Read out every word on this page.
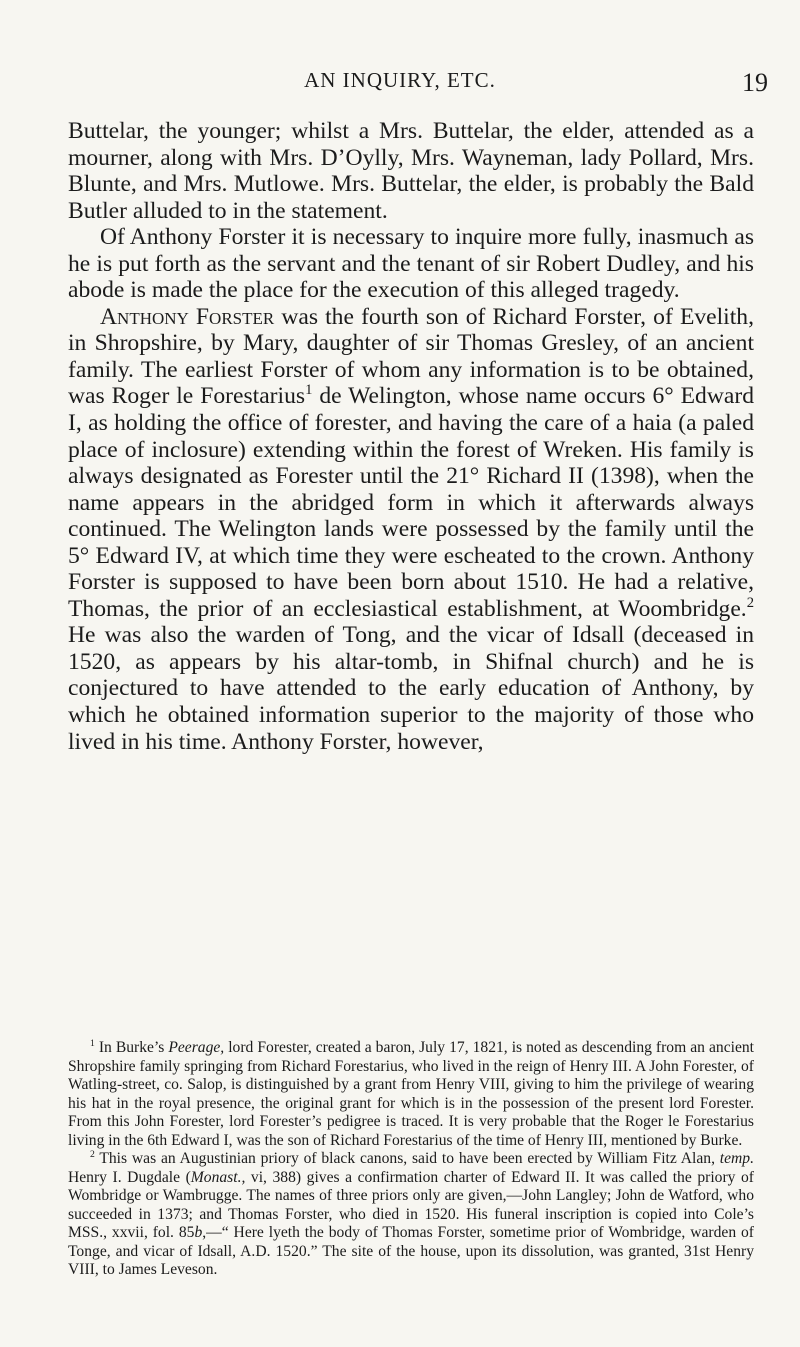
AN INQUIRY, ETC.	19

Buttelar, the younger; whilst a Mrs. Buttelar, the elder, attended as a mourner, along with Mrs. D’Oylly, Mrs. Wayneman, lady Pollard, Mrs. Blunte, and Mrs. Mutlowe. Mrs. Buttelar, the elder, is probably the Bald Butler alluded to in the statement.

Of Anthony Forster it is necessary to inquire more fully, inasmuch as he is put forth as the servant and the tenant of sir Robert Dudley, and his abode is made the place for the execution of this alleged tragedy.

Anthony Forster was the fourth son of Richard Forster, of Evelith, in Shropshire, by Mary, daughter of sir Thomas Gresley, of an ancient family. The earliest Forster of whom any information is to be obtained, was Roger le Forestarius$^1$ de Welington, whose name occurs 6° Edward I, as holding the office of forester, and having the care of a haia (a paled place of inclosure) extending within the forest of Wreken. His family is always designated as Forester until the 21° Richard II (1398), when the name appears in the abridged form in which it afterwards always continued. The Welington lands were possessed by the family until the 5° Edward IV, at which time they were escheated to the crown. Anthony Forster is supposed to have been born about 1510. He had a relative, Thomas, the prior of an ecclesiastical establishment, at Woombridge.$^2$ He was also the warden of Tong, and the vicar of Idsall (deceased in 1520, as appears by his altar-tomb, in Shifnal church) and he is conjectured to have attended to the early education of Anthony, by which he obtained information superior to the majority of those who lived in his time. Anthony Forster, however,

$^1$ In Burke’s Peerage, lord Forester, created a baron, July 17, 1821, is noted as descending from an ancient Shropshire family springing from Richard Forestarius, who lived in the reign of Henry III. A John Forester, of Watling-street, co. Salop, is distinguished by a grant from Henry VIII, giving to him the privilege of wearing his hat in the royal presence, the original grant for which is in the possession of the present lord Forester. From this John Forester, lord Forester’s pedigree is traced. It is very probable that the Roger le Forestarius living in the 6th Edward I, was the son of Richard Forestarius of the time of Henry III, mentioned by Burke.

$^2$ This was an Augustinian priory of black canons, said to have been erected by William Fitz Alan, temp. Henry I. Dugdale (Monast., vi, 388) gives a confirmation charter of Edward II. It was called the priory of Wombridge or Wambrugge. The names of three priors only are given,—John Langley; John de Watford, who succeeded in 1373; and Thomas Forster, who died in 1520. His funeral inscription is copied into Cole’s MSS., xxvii, fol. 85b,—“ Here lyeth the body of Thomas Forster, sometime prior of Wombridge, warden of Tonge, and vicar of Idsall, A.D. 1520.” The site of the house, upon its dissolution, was granted, 31st Henry VIII, to James Leveson.
